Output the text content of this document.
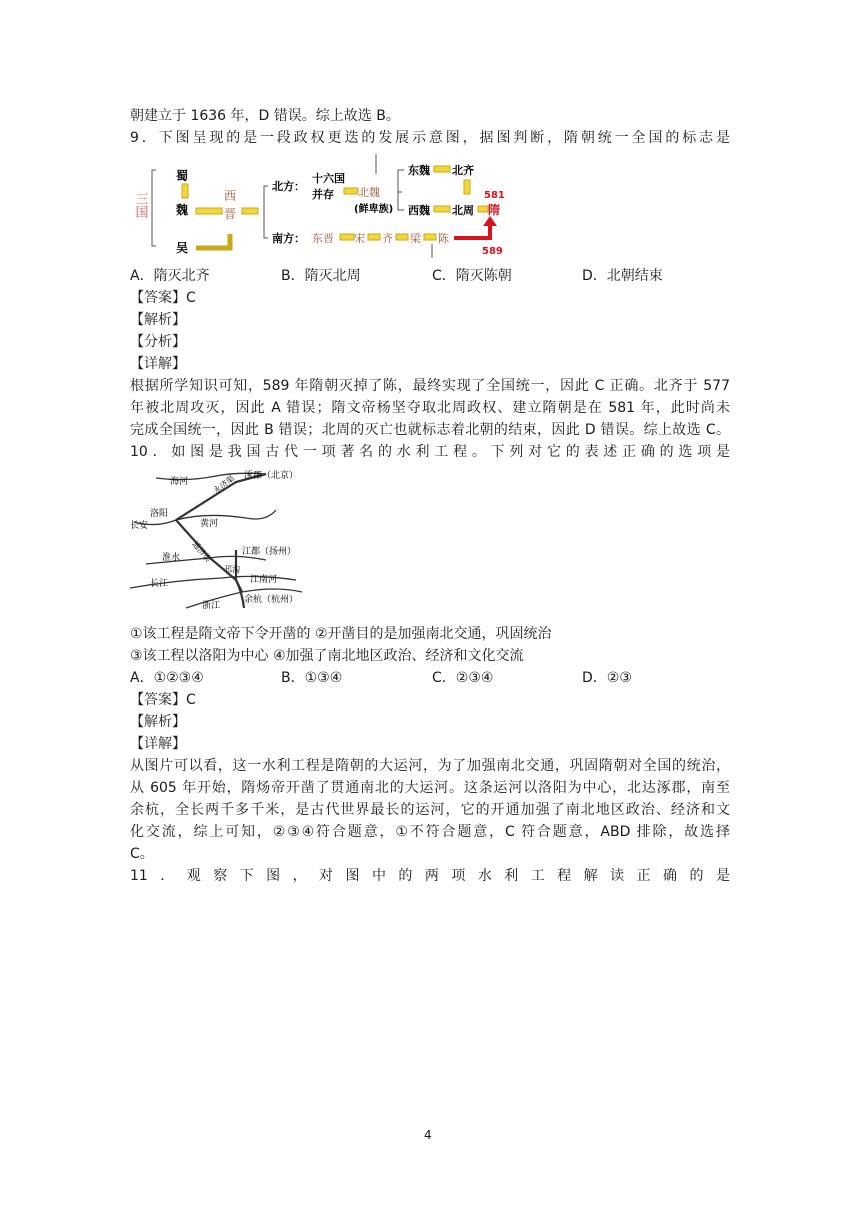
朝建立于 1636 年，D 错误。综上故选 B。
9．下图呈现的是一段政权更迭的发展示意图，据图判断，隋朝统一全国的标志是
三国
蜀
魏
吴
西
晋
北方：
南方：
十六国
并存 北魏
(鲜卑族)
东魏 北齐
西魏 北周
581
隋
东晋 宋 齐 梁 陈
589
A．隋灭北齐	B．隋灭北周	C．隋灭陈朝	D．北朝结束
【答案】C
【解析】
【分析】
【详解】
根据所学知识可知，589 年隋朝灭掉了陈，最终实现了全国统一，因此 C 正确。北齐于 577
年被北周攻灭，因此 A 错误；隋文帝杨坚夺取北周政权、建立隋朝是在 581 年，此时尚未
完成全国统一，因此 B 错误；北周的灭亡也就标志着北朝的结束，因此 D 错误。综上故选 C。
10．如图是我国古代一项著名的水利工程。下列对它的表述正确的选项是
海河
涿郡（北京）
永济渠
洛阳
长安	黄河
通济渠
淮水
江都（扬州）
邗沟
江南河
长江
浙江
余杭（杭州）
①该工程是隋文帝下令开凿的 ②开凿目的是加强南北交通，巩固统治
③该工程以洛阳为中心 ④加强了南北地区政治、经济和文化交流
A．①②③④	B．①③④	C．②③④	D．②③
【答案】C
【解析】
【详解】
从图片可以看，这一水利工程是隋朝的大运河，为了加强南北交通，巩固隋朝对全国的统治，
从 605 年开始，隋炀帝开凿了贯通南北的大运河。这条运河以洛阳为中心，北达涿郡，南至
余杭，全长两千多千米，是古代世界最长的运河，它的开通加强了南北地区政治、经济和文
化交流，综上可知，②③④符合题意，①不符合题意，C 符合题意，ABD 排除，故选择
C。
11．观察下图，对图中的两项水利工程解读正确的是
4
